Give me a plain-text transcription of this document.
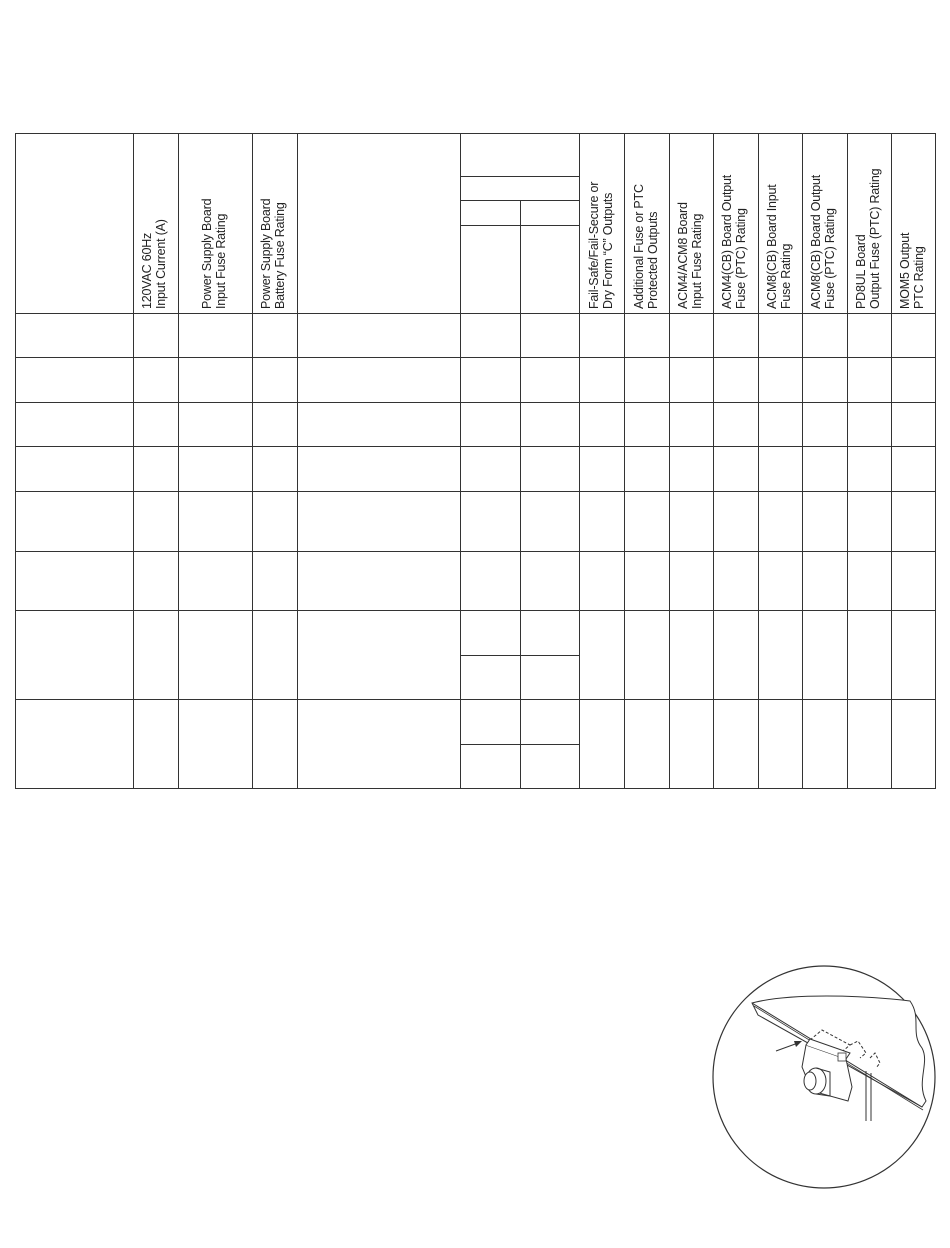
120VAC 60Hz
Input Current (A)
Power Supply Board
Input Fuse Rating
Power Supply Board
Battery Fuse Rating	Fail-Safe/Fail-Secure or
Dry Form “C” Outputs
Additional Fuse or PTC
Protected Outputs
ACM4/ACM8 Board
Input Fuse Rating
ACM4(CB) Board Output
Fuse (PTC) Rating
ACM8(CB) Board Input
Fuse Rating	ACM8(CB) Board Output
Fuse (PTC) Rating
PD8UL Board
Output Fuse (PTC) Rating
MOM5 Output
PTC Rating
